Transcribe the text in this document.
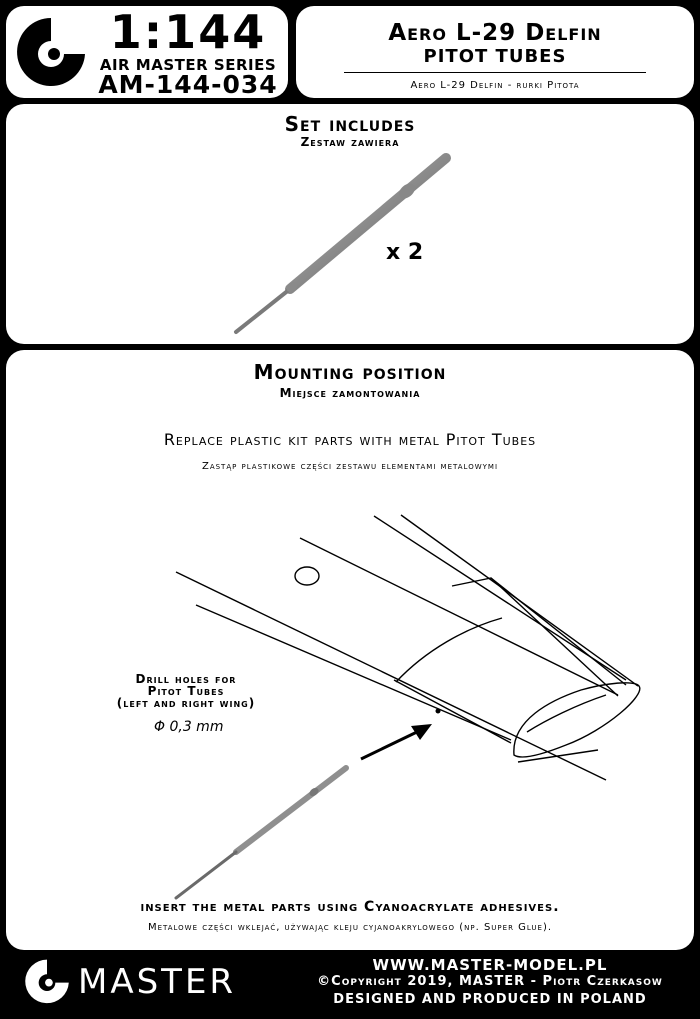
1:144
AIR MASTER SERIES
AM-144-034
Aero L-29 Delfin
PITOT TUBES
Aero L-29 Delfin - rurki Pitota
Set includes
Zestaw zawiera
x 2
Mounting position
Miejsce zamontowania
Replace plastic kit parts with metal Pitot Tubes
Zastąp plastikowe części zestawu elementami metalowymi
Drill holes for
Pitot Tubes
(left and right wing)
Φ 0,3 mm
insert the metal parts using Cyanoacrylate adhesives.
Metalowe części wklejać, używając kleju cyjanoakrylowego (np. Super Glue).
MASTER	WWW.MASTER-MODEL.PL
©Copyright 2019, MASTER - Piotr Czerkasow
DESIGNED AND PRODUCED IN POLAND
